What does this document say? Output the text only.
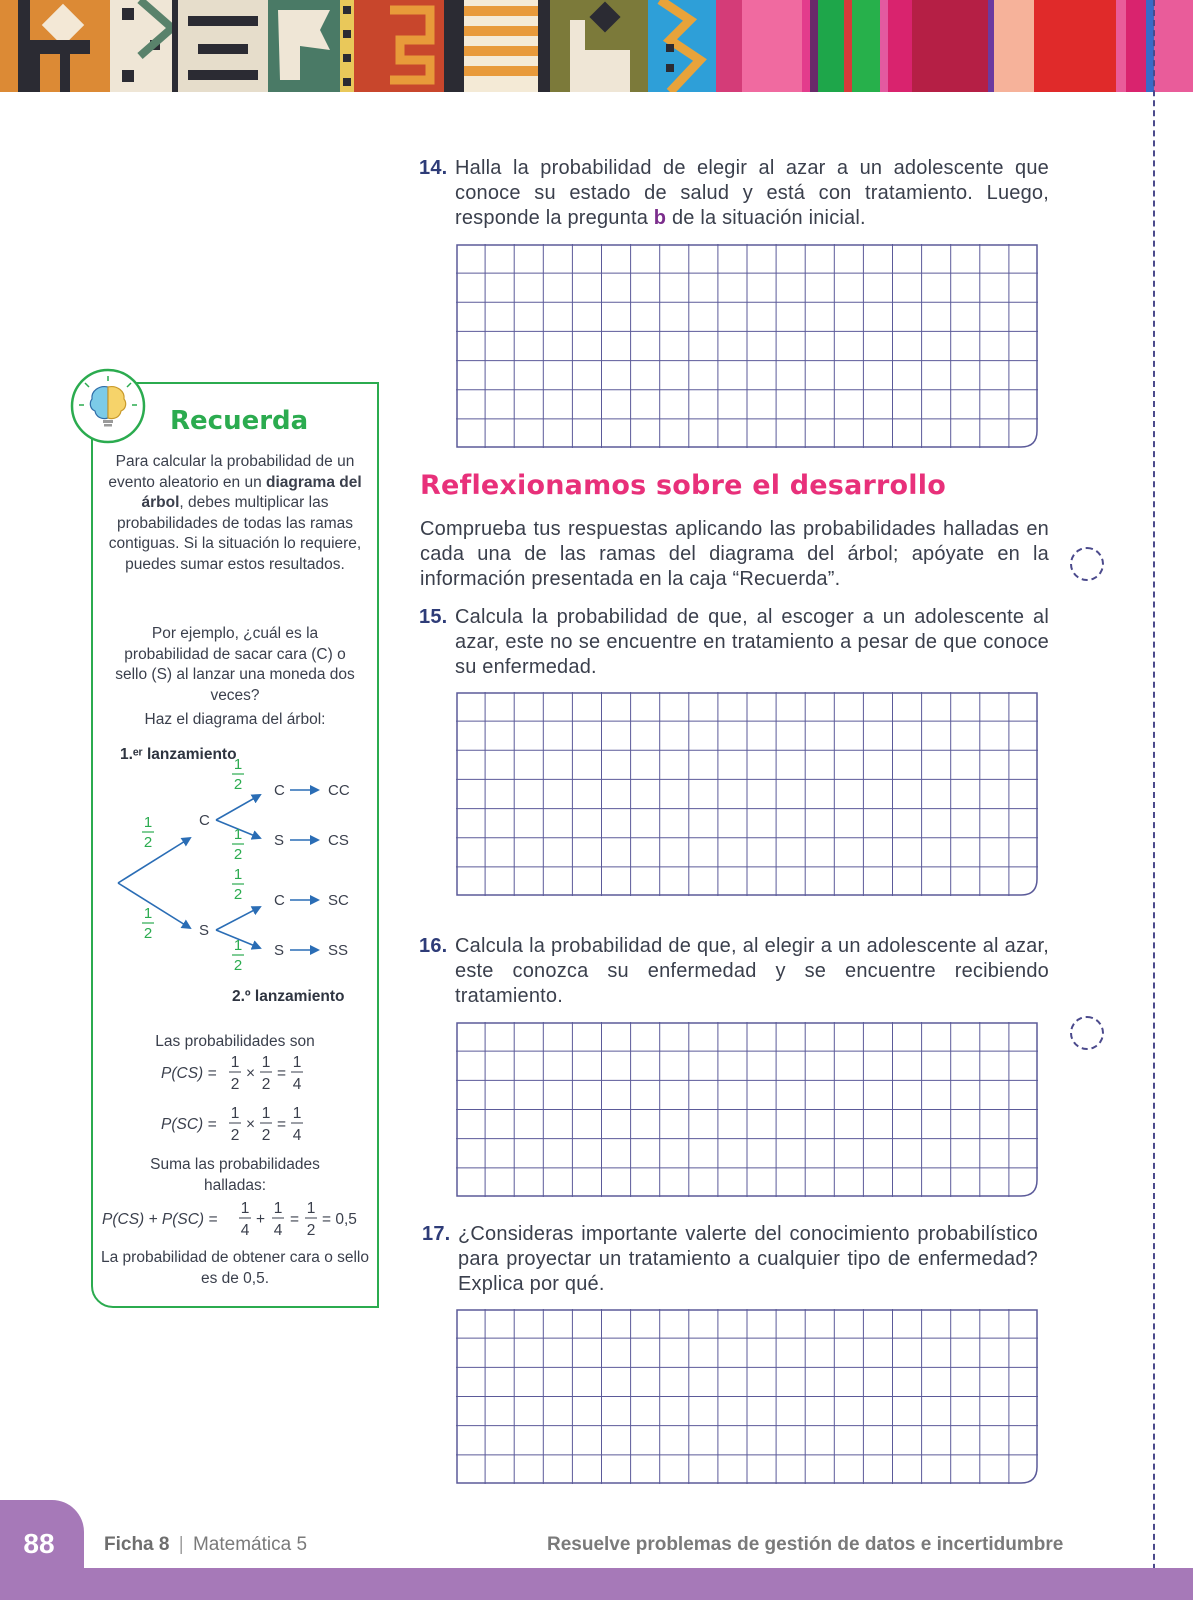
14. Halla la probabilidad de elegir al azar a un adolescente que conoce su estado de salud y está con tratamiento. Luego, responde la pregunta b de la situación inicial.
Reflexionamos sobre el desarrollo
Comprueba tus respuestas aplicando las probabilidades halladas en cada una de las ramas del diagrama del árbol; apóyate en la información presentada en la caja “Recuerda”.
15. Calcula la probabilidad de que, al escoger a un adolescente al azar, este no se encuentre en tratamiento a pesar de que conoce su enfermedad.
16. Calcula la probabilidad de que, al elegir a un adolescente al azar, este conozca su enfermedad y se encuentre recibiendo tratamiento.
17. ¿Consideras importante valerte del conocimiento probabilístico para proyectar un tratamiento a cualquier tipo de enfermedad? Explica por qué.
Recuerda
Para calcular la probabilidad de un evento aleatorio en un diagrama del árbol, debes multiplicar las probabilidades de todas las ramas contiguas. Si la situación lo requiere, puedes sumar estos resultados.
Por ejemplo, ¿cuál es la probabilidad de sacar cara (C) o sello (S) al lanzar una moneda dos veces?
Haz el diagrama del árbol:
1.ᵉʳ lanzamiento
1
2
1
2
C
S
1
2
1
2
1
2
1
2
C
S
C
S
CC
CS
SC
SS
2.º lanzamiento
Las probabilidades son
P(CS) =
1
2
×
1
2
=
1
4
P(SC) =
1
2
×
1
2
=
1
4
P(CS) + P(SC) =
1
4
+
1
4
=
1
2
= 0,5
Suma las probabilidades halladas:
La probabilidad de obtener cara o sello es de 0,5.
88	Ficha 8 | Matemática 5	Resuelve problemas de gestión de datos e incertidumbre
